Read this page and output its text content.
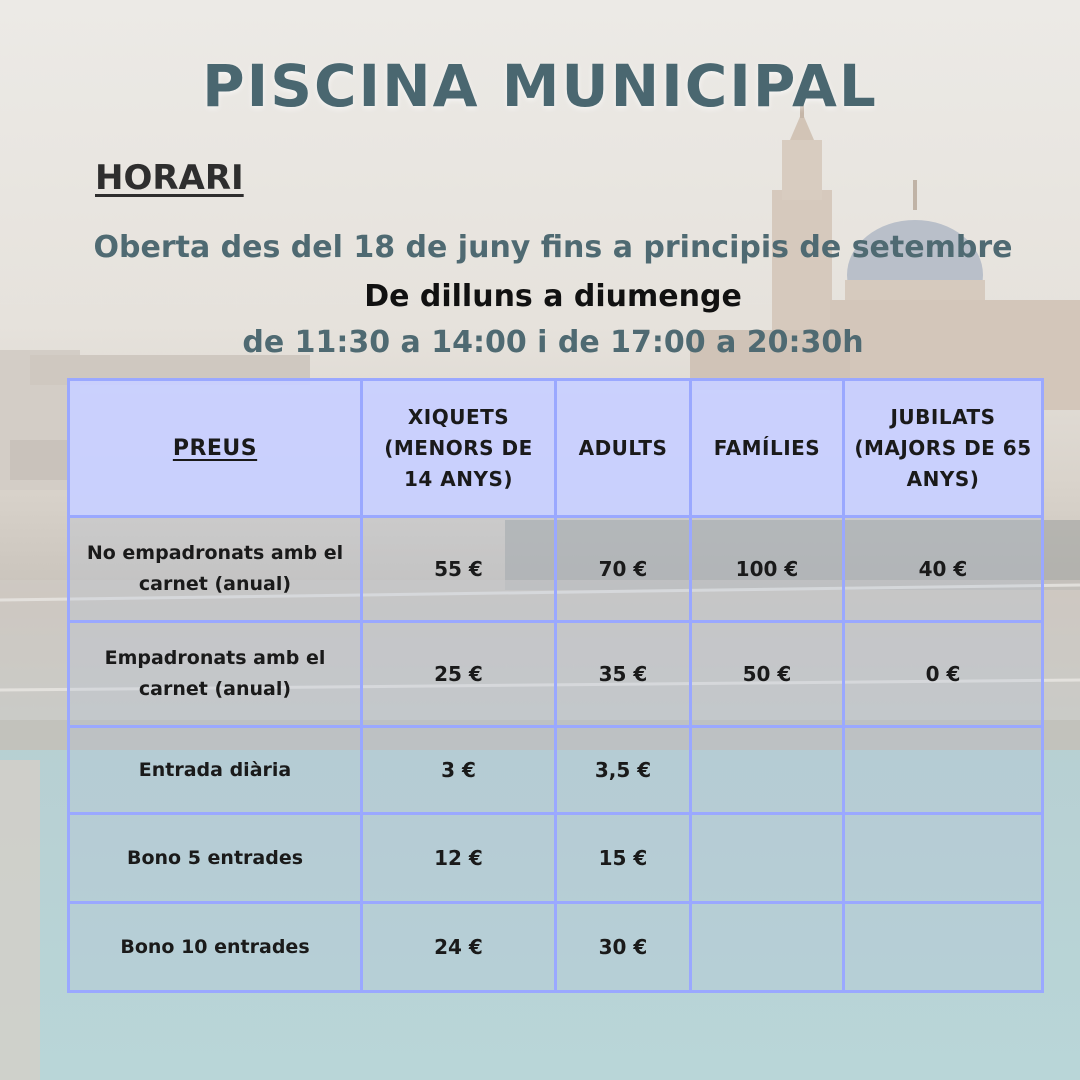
PISCINA MUNICIPAL
HORARI
Oberta des del 18 de juny fins a principis de setembre
De dilluns a diumenge
de 11:30 a 14:00 i de 17:00 a 20:30h
PREUS	XIQUETS (MENORS DE 14 ANYS)	ADULTS	FAMÍLIES	JUBILATS (MAJORS DE 65 ANYS)
No empadronats amb el carnet (anual)	55 €	70 €	100 €	40 €
Empadronats amb el carnet (anual)	25 €	35 €	50 €	0 €
Entrada diària	3 €	3,5 €		
Bono 5 entrades	12 €	15 €		
Bono 10 entrades	24 €	30 €		
